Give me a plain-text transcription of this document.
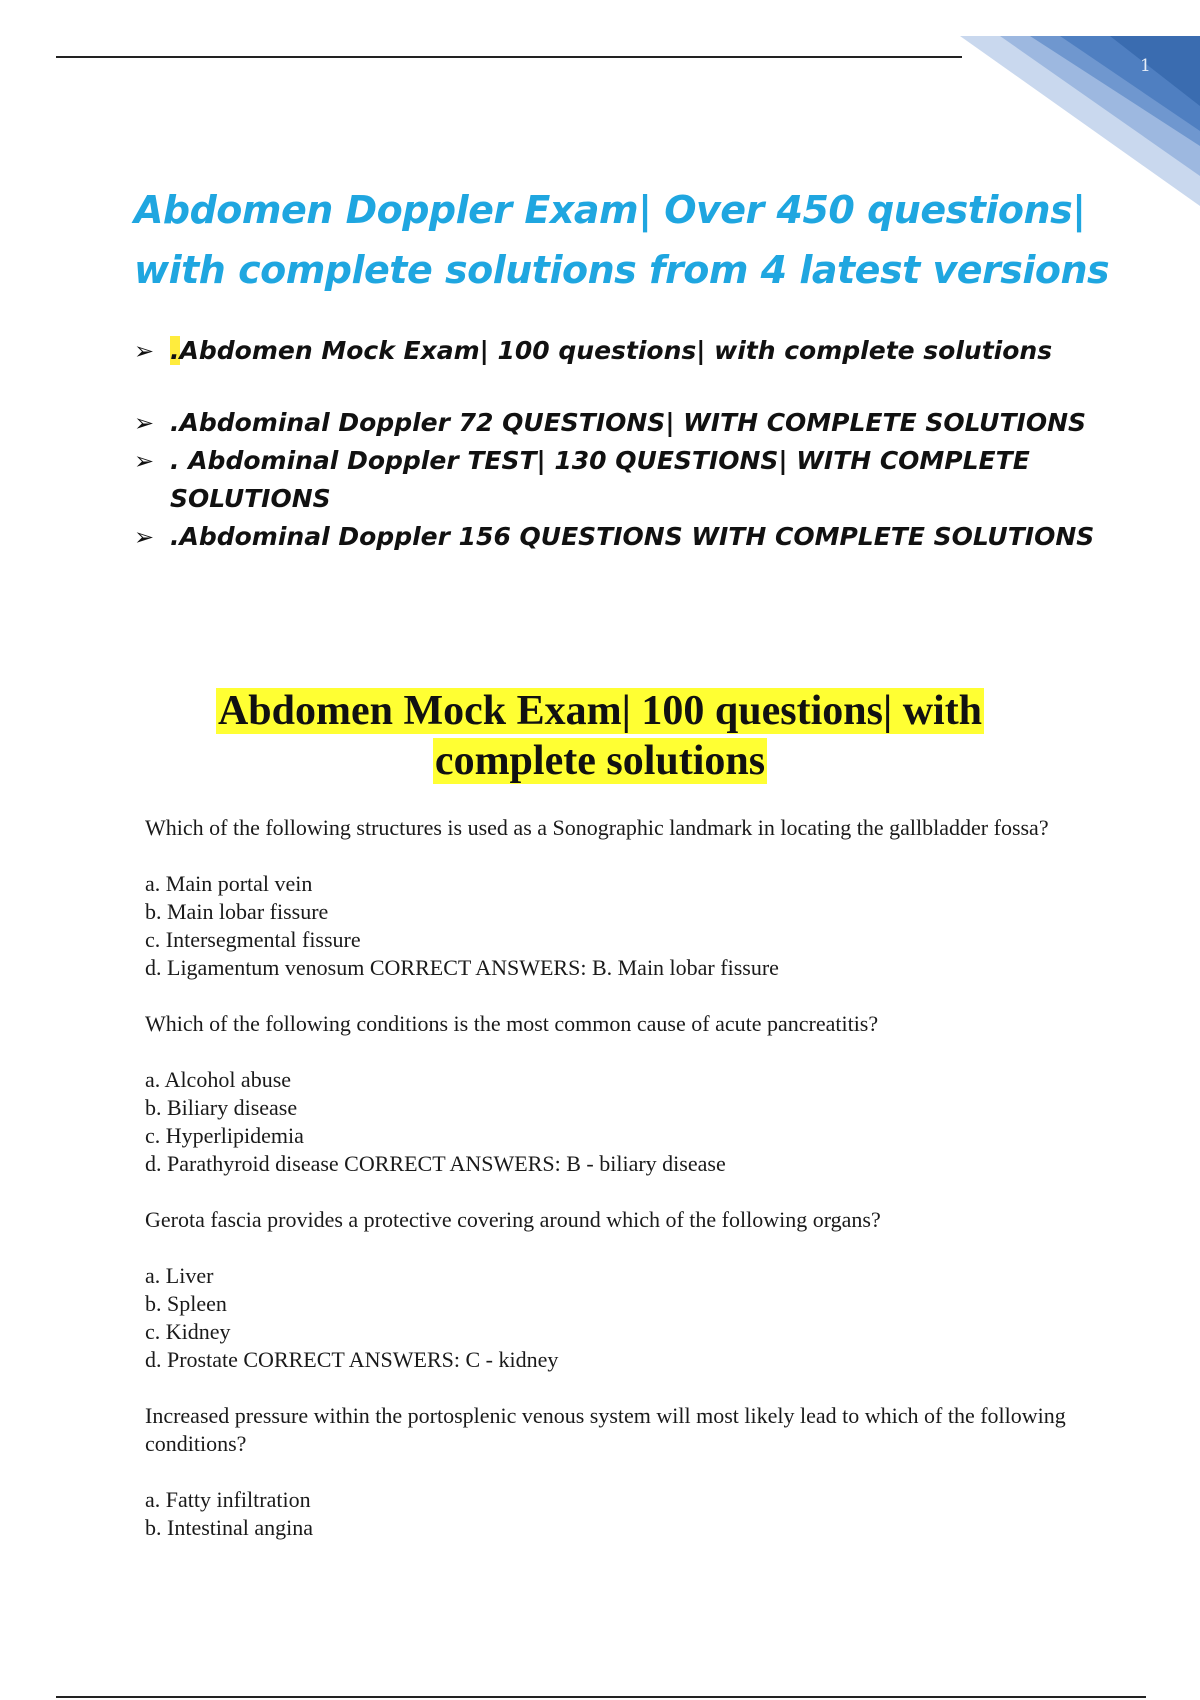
1
Abdomen Doppler Exam| Over 450 questions|
with complete solutions from 4 latest versions
➢ .Abdomen Mock Exam| 100 questions| with complete solutions
➢ .Abdominal Doppler 72 QUESTIONS| WITH COMPLETE SOLUTIONS
➢ . Abdominal Doppler TEST| 130 QUESTIONS| WITH COMPLETE SOLUTIONS
➢ .Abdominal Doppler 156 QUESTIONS WITH COMPLETE SOLUTIONS
Abdomen Mock Exam| 100 questions| with
complete solutions

Which of the following structures is used as a Sonographic landmark in locating the gallbladder fossa?

a. Main portal vein
b. Main lobar fissure
c. Intersegmental fissure
d. Ligamentum venosum CORRECT ANSWERS: B. Main lobar fissure

Which of the following conditions is the most common cause of acute pancreatitis?

a. Alcohol abuse
b. Biliary disease
c. Hyperlipidemia
d. Parathyroid disease CORRECT ANSWERS: B - biliary disease

Gerota fascia provides a protective covering around which of the following organs?

a. Liver
b. Spleen
c. Kidney
d. Prostate CORRECT ANSWERS: C - kidney

Increased pressure within the portosplenic venous system will most likely lead to which of the following conditions?

a. Fatty infiltration
b. Intestinal angina
